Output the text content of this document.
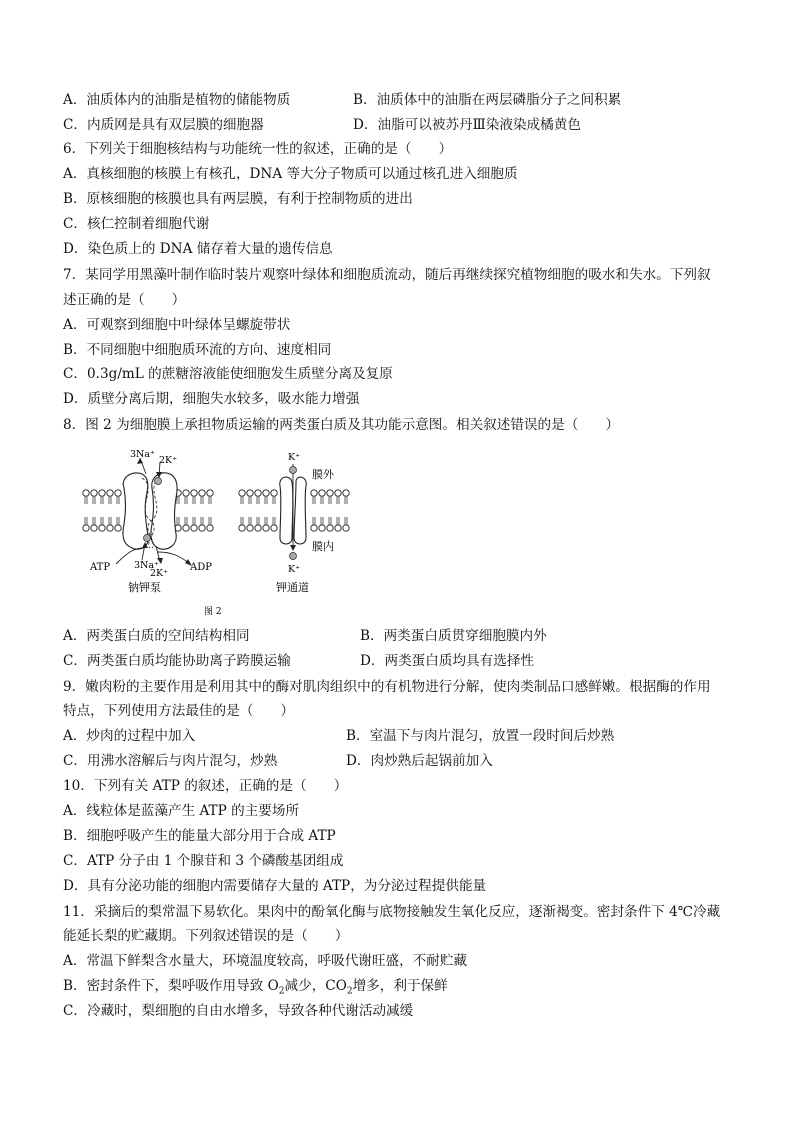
A．油质体内的油脂是植物的储能物质	B．油质体中的油脂在两层磷脂分子之间积累
C．内质网是具有双层膜的细胞器	D．油脂可以被苏丹Ⅲ染液染成橘黄色
6．下列关于细胞核结构与功能统一性的叙述，正确的是（　　）
A．真核细胞的核膜上有核孔，DNA 等大分子物质可以通过核孔进入细胞质
B．原核细胞的核膜也具有两层膜，有利于控制物质的进出
C．核仁控制着细胞代谢
D．染色质上的 DNA 储存着大量的遗传信息
7．某同学用黑藻叶制作临时装片观察叶绿体和细胞质流动，随后再继续探究植物细胞的吸水和失水。下列叙
述正确的是（　　）
A．可观察到细胞中叶绿体呈螺旋带状
B．不同细胞中细胞质环流的方向、速度相同
C．0.3g/mL 的蔗糖溶液能使细胞发生质壁分离及复原
D．质壁分离后期，细胞失水较多，吸水能力增强
8．图 2 为细胞膜上承担物质运输的两类蛋白质及其功能示意图。相关叙述错误的是（　　）
3Na⁺
2K⁺
3Na⁺
2K⁺
ATP	ADP
钠钾泵
K⁺
K⁺
膜外
膜内
钾通道
图 2
A．两类蛋白质的空间结构相同	B．两类蛋白质贯穿细胞膜内外
C．两类蛋白质均能协助离子跨膜运输	D．两类蛋白质均具有选择性
9．嫩肉粉的主要作用是利用其中的酶对肌肉组织中的有机物进行分解，使肉类制品口感鲜嫩。根据酶的作用
特点，下列使用方法最佳的是（　　）
A．炒肉的过程中加入	B．室温下与肉片混匀，放置一段时间后炒熟
C．用沸水溶解后与肉片混匀，炒熟	D．肉炒熟后起锅前加入
10．下列有关 ATP 的叙述，正确的是（　　）
A．线粒体是蓝藻产生 ATP 的主要场所
B．细胞呼吸产生的能量大部分用于合成 ATP
C．ATP 分子由 1 个腺苷和 3 个磷酸基团组成
D．具有分泌功能的细胞内需要储存大量的 ATP，为分泌过程提供能量
11．采摘后的梨常温下易软化。果肉中的酚氧化酶与底物接触发生氧化反应，逐渐褐变。密封条件下 4℃冷藏
能延长梨的贮藏期。下列叙述错误的是（　　）
A．常温下鲜梨含水量大，环境温度较高，呼吸代谢旺盛，不耐贮藏
B．密封条件下，梨呼吸作用导致 $O_2$减少，$CO_2$增多，利于保鲜
C．冷藏时，梨细胞的自由水增多，导致各种代谢活动减缓
